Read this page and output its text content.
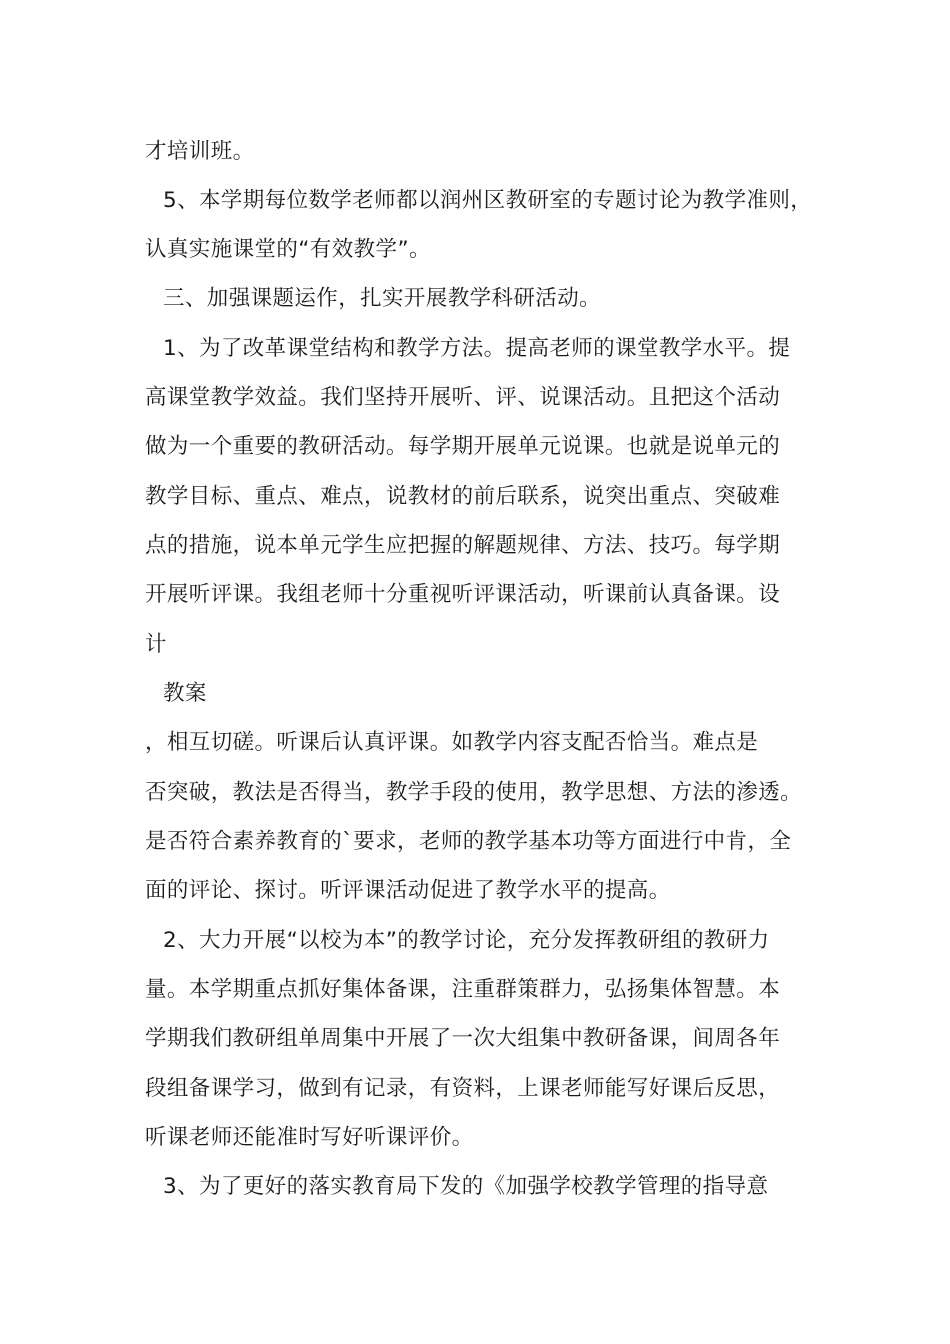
才培训班。
5、本学期每位数学老师都以润州区教研室的专题讨论为教学准则，
认真实施课堂的“有效教学”。
三、加强课题运作，扎实开展教学科研活动。
1、为了改革课堂结构和教学方法。提高老师的课堂教学水平。提
高课堂教学效益。我们坚持开展听、评、说课活动。且把这个活动
做为一个重要的教研活动。每学期开展单元说课。也就是说单元的
教学目标、重点、难点，说教材的前后联系，说突出重点、突破难
点的措施，说本单元学生应把握的解题规律、方法、技巧。每学期
开展听评课。我组老师十分重视听评课活动，听课前认真备课。设
计
教案
，相互切磋。听课后认真评课。如教学内容支配否恰当。难点是
否突破，教法是否得当，教学手段的使用，教学思想、方法的渗透。
是否符合素养教育的`要求，老师的教学基本功等方面进行中肯，全
面的评论、探讨。听评课活动促进了教学水平的提高。
2、大力开展“以校为本”的教学讨论，充分发挥教研组的教研力
量。本学期重点抓好集体备课，注重群策群力，弘扬集体智慧。本
学期我们教研组单周集中开展了一次大组集中教研备课，间周各年
段组备课学习，做到有记录，有资料，上课老师能写好课后反思，
听课老师还能准时写好听课评价。
3、为了更好的落实教育局下发的《加强学校教学管理的指导意
